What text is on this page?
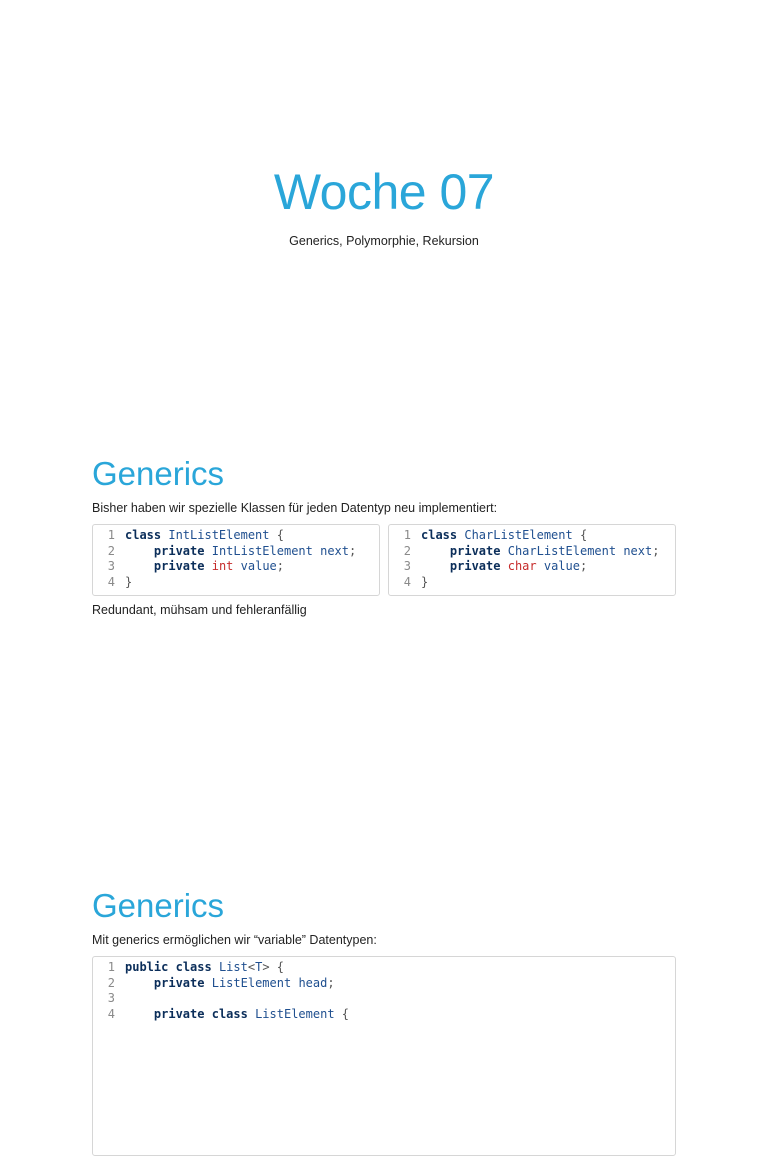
Woche 07
Generics, Polymorphie, Rekursion
Generics

Bisher haben wir spezielle Klassen für jeden Datentyp neu implementiert:

1 class IntListElement {
2	private IntListElement next;
3	private int value;
4 }
1 class CharListElement {
2	private CharListElement next;
3	private char value;
4 }

Redundant, mühsam und fehleranfällig

Generics

Mit generics ermöglichen wir “variable” Datentypen:

1 public class List<T> {
2	private ListElement head;
3
4	private class ListElement {
